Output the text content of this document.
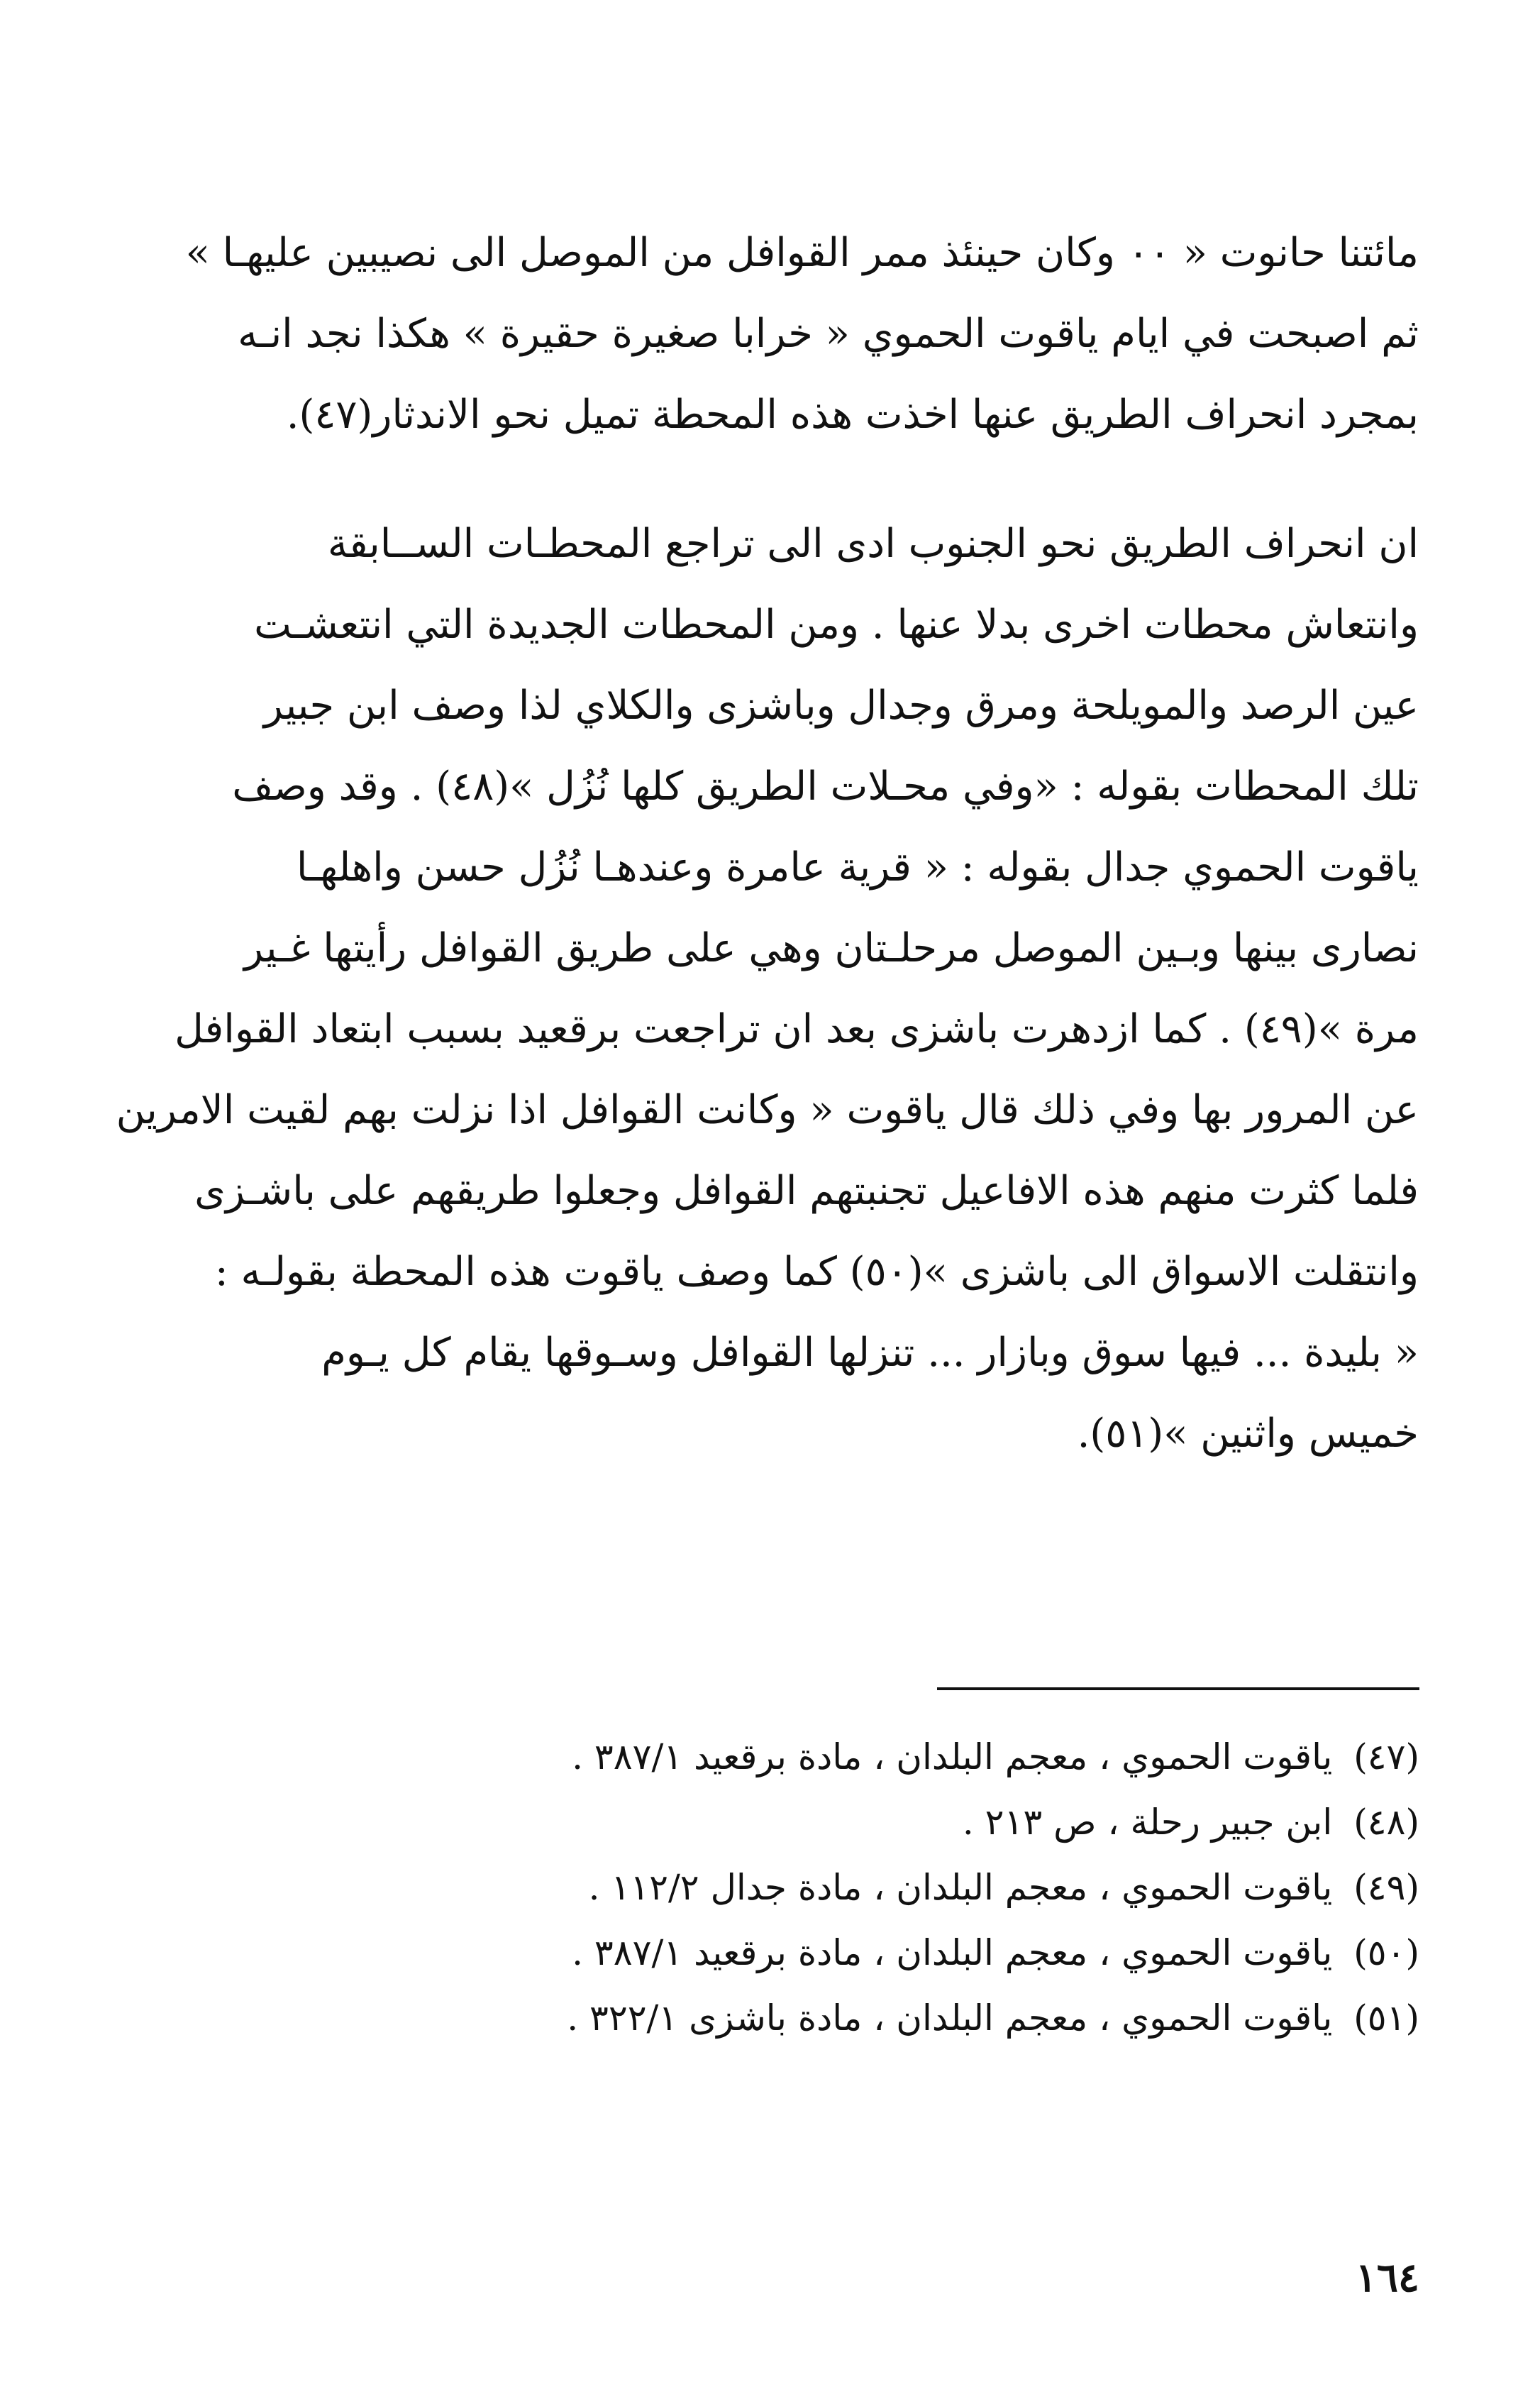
مائتنا حانوت « ٠٠ وكان حينئذ ممر القوافل من الموصل الى نصيبين عليهـا »
ثم اصبحت في ايام ياقوت الحموي « خرابا صغيرة حقيرة » هكذا نجد انـه
بمجرد انحراف الطريق عنها اخذت هذه المحطة تميل نحو الاندثار(٤٧).
ان انحراف الطريق نحو الجنوب ادى الى تراجع المحطـات الســابقة
وانتعاش محطات اخرى بدلا عنها . ومن المحطات الجديدة التي انتعشـت
عين الرصد والمويلحة ومرق وجدال وباشزى والكلاي لذا وصف ابن جبير
تلك المحطات بقوله : «وفي محـلات الطريق كلها نُزُل »(٤٨) . وقد وصف
ياقوت الحموي جدال بقوله : « قرية عامرة وعندهـا نُزُل حسن واهلهـا
نصارى بينها وبـين الموصل مرحلـتان وهي على طريق القوافل رأيتها غـير
مرة »(٤٩) . كما ازدهرت باشزى بعد ان تراجعت برقعيد بسبب ابتعاد القوافل
عن المرور بها وفي ذلك قال ياقوت « وكانت القوافل اذا نزلت بهم لقيت الامرين
فلما كثرت منهم هذه الافاعيل تجنبتهم القوافل وجعلوا طريقهم على باشـزى
وانتقلت الاسواق الى باشزى »(٥٠) كما وصف ياقوت هذه المحطة بقولـه :
« بليدة ... فيها سوق وبازار ... تنزلها القوافل وسـوقها يقام كل يـوم
خميس واثنين »(٥١).
(٤٧)ياقوت الحموي ، معجم البلدان ، مادة برقعيد ٣٨٧/١ .
(٤٨)ابن جبير رحلة ، ص ٢١٣ .
(٤٩)ياقوت الحموي ، معجم البلدان ، مادة جدال ١١٢/٢ .
(٥٠)ياقوت الحموي ، معجم البلدان ، مادة برقعيد ٣٨٧/١ .
(٥١)ياقوت الحموي ، معجم البلدان ، مادة باشزى ٣٢٢/١ .
١٦٤
